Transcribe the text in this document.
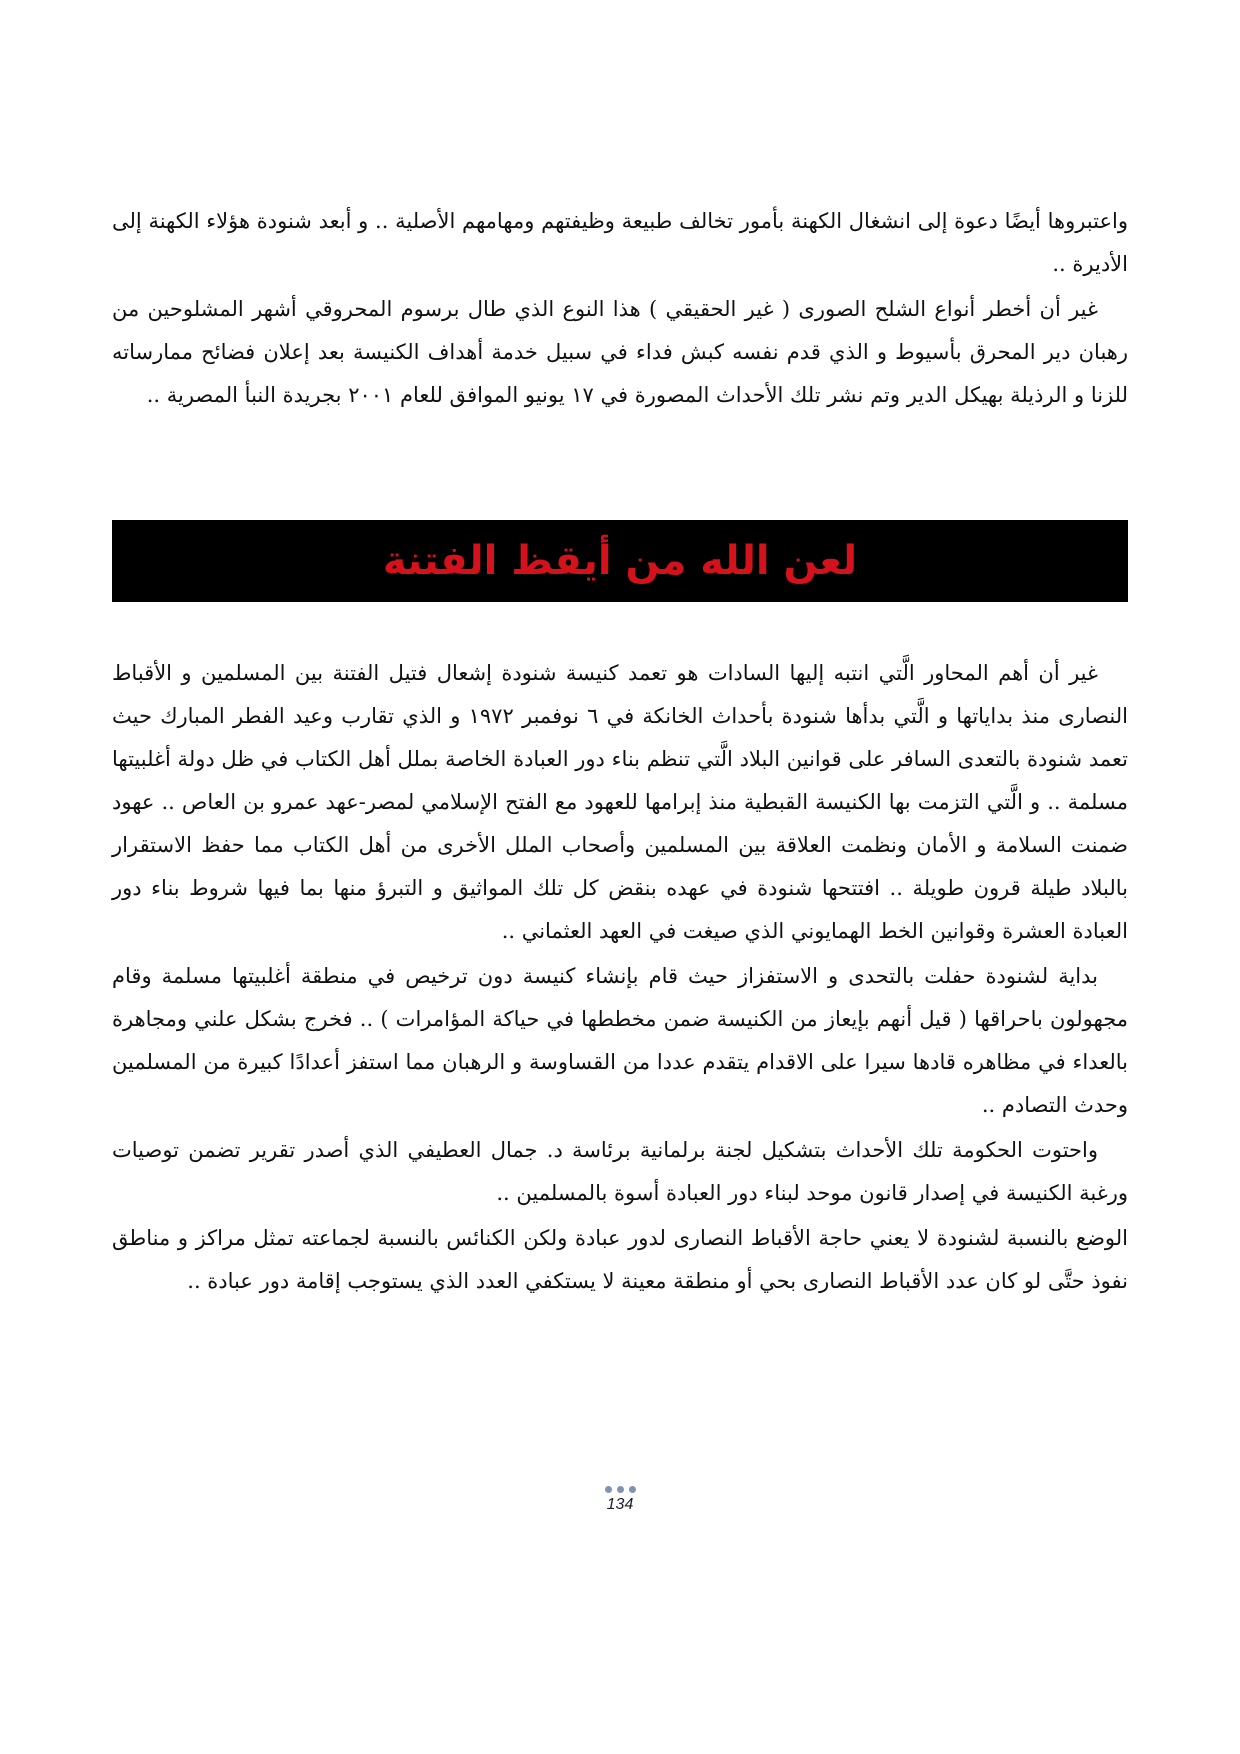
واعتبروها أيضًا دعوة إلى انشغال الكهنة بأمور تخالف طبيعة وظيفتهم ومهامهم الأصلية .. و أبعد شنودة هؤلاء الكهنة إلى الأديرة ..

غير أن أخطر أنواع الشلح الصورى ( غير الحقيقي ) هذا النوع الذي طال برسوم المحروقي أشهر المشلوحين من رهبان دير المحرق بأسيوط و الذي قدم نفسه كبش فداء في سبيل خدمة أهداف الكنيسة بعد إعلان فضائح ممارساته للزنا و الرذيلة بهيكل الدير وتم نشر تلك الأحداث المصورة في ١٧ يونيو الموافق للعام ٢٠٠١ بجريدة النبأ المصرية ..

لعن الله من أيقظ الفتنة

غير أن أهم المحاور الَّتي انتبه إليها السادات هو تعمد كنيسة شنودة إشعال فتيل الفتنة بين المسلمين و الأقباط النصارى منذ بداياتها و الَّتي بدأها شنودة بأحداث الخانكة في ٦ نوفمبر ١٩٧٢ و الذي تقارب وعيد الفطر المبارك حيث تعمد شنودة بالتعدى السافر على قوانين البلاد الَّتي تنظم بناء دور العبادة الخاصة بملل أهل الكتاب في ظل دولة أغلبيتها مسلمة .. و الَّتي التزمت بها الكنيسة القبطية منذ إبرامها للعهود مع الفتح الإسلامي لمصر-عهد عمرو بن العاص .. عهود ضمنت السلامة و الأمان ونظمت العلاقة بين المسلمين وأصحاب الملل الأخرى من أهل الكتاب مما حفظ الاستقرار بالبلاد طيلة قرون طويلة .. افتتحها شنودة في عهده بنقض كل تلك المواثيق و التبرؤ منها بما فيها شروط بناء دور العبادة العشرة وقوانين الخط الهمايوني الذي صيغت في العهد العثماني ..

بداية لشنودة حفلت بالتحدى و الاستفزاز حيث قام بإنشاء كنيسة دون ترخيص في منطقة أغلبيتها مسلمة وقام مجهولون باحراقها ( قيل أنهم بإيعاز من الكنيسة ضمن مخططها في حياكة المؤامرات ) .. فخرج بشكل علني ومجاهرة بالعداء في مظاهره قادها سيرا على الاقدام يتقدم عددا من القساوسة و الرهبان مما استفز أعدادًا كبيرة من المسلمين وحدث التصادم ..

واحتوت الحكومة تلك الأحداث بتشكيل لجنة برلمانية برئاسة د. جمال العطيفي الذي أصدر تقرير تضمن توصيات ورغبة الكنيسة في إصدار قانون موحد لبناء دور العبادة أسوة بالمسلمين ..

الوضع بالنسبة لشنودة لا يعني حاجة الأقباط النصارى لدور عبادة ولكن الكنائس بالنسبة لجماعته تمثل مراكز و مناطق نفوذ حتَّى لو كان عدد الأقباط النصارى بحي أو منطقة معينة لا يستكفي العدد الذي يستوجب إقامة دور عبادة ..

134
